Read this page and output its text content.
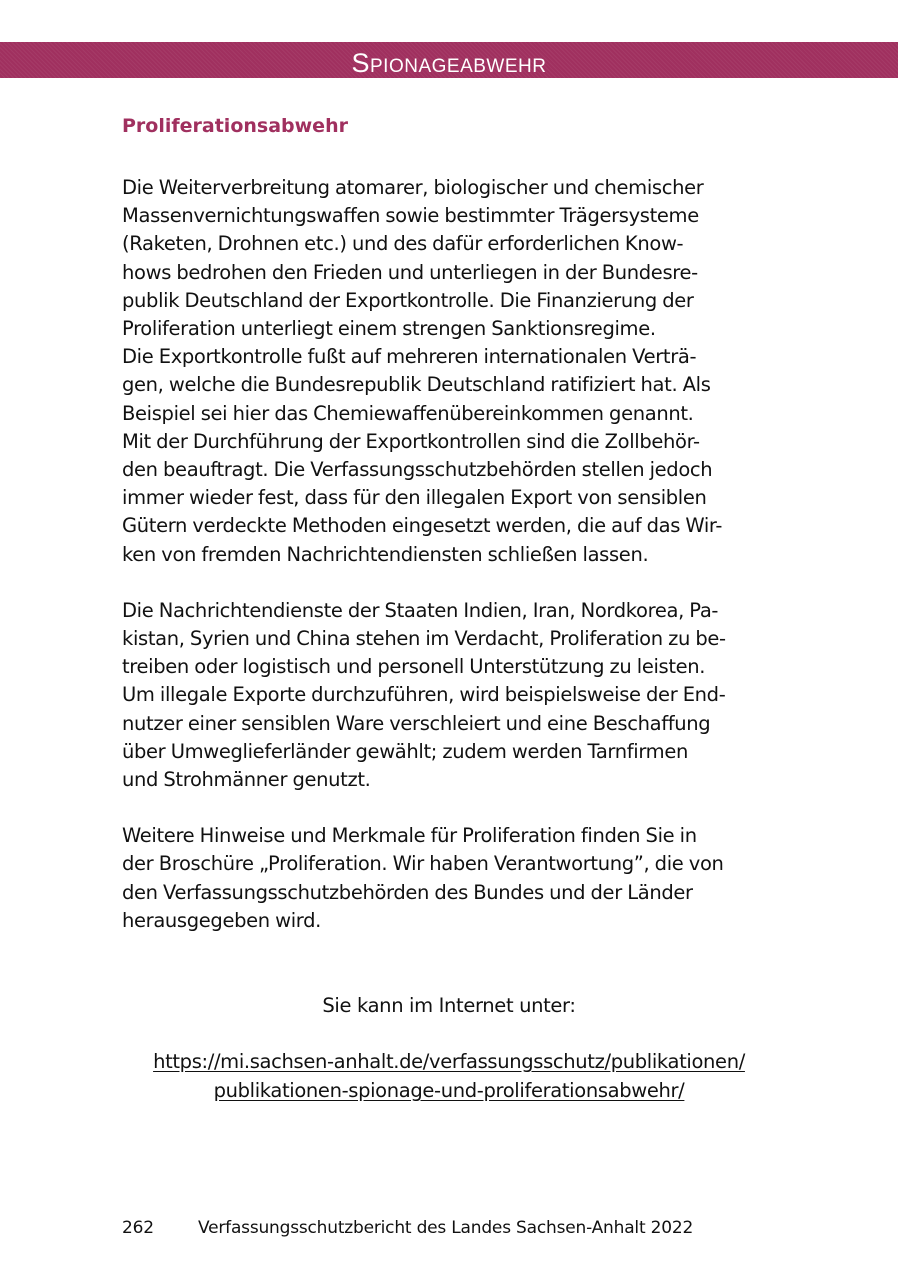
Spionageabwehr
Proliferationsabwehr

Die Weiterverbreitung atomarer, biologischer und chemischer
Massenvernichtungswaffen sowie bestimmter Trägersysteme
(Raketen, Drohnen etc.) und des dafür erforderlichen Know-
hows bedrohen den Frieden und unterliegen in der Bundesre-
publik Deutschland der Exportkontrolle. Die Finanzierung der
Proliferation unterliegt einem strengen Sanktionsregime.
Die Exportkontrolle fußt auf mehreren internationalen Verträ-
gen, welche die Bundesrepublik Deutschland ratifiziert hat. Als
Beispiel sei hier das Chemiewaffenübereinkommen genannt.
Mit der Durchführung der Exportkontrollen sind die Zollbehör-
den beauftragt. Die Verfassungsschutzbehörden stellen jedoch
immer wieder fest, dass für den illegalen Export von sensiblen
Gütern verdeckte Methoden eingesetzt werden, die auf das Wir-
ken von fremden Nachrichtendiensten schließen lassen.

Die Nachrichtendienste der Staaten Indien, Iran, Nordkorea, Pa-
kistan, Syrien und China stehen im Verdacht, Proliferation zu be-
treiben oder logistisch und personell Unterstützung zu leisten.
Um illegale Exporte durchzuführen, wird beispielsweise der End-
nutzer einer sensiblen Ware verschleiert und eine Beschaffung
über Umweglieferländer gewählt; zudem werden Tarnfirmen
und Strohmänner genutzt.

Weitere Hinweise und Merkmale für Proliferation finden Sie in
der Broschüre „Proliferation. Wir haben Verantwortung”, die von
den Verfassungsschutzbehörden des Bundes und der Länder
herausgegeben wird.

Sie kann im Internet unter:
https://mi.sachsen-anhalt.de/verfassungsschutz/publikationen/
publikationen-spionage-und-proliferationsabwehr/
262	Verfassungsschutzbericht des Landes Sachsen-Anhalt 2022
